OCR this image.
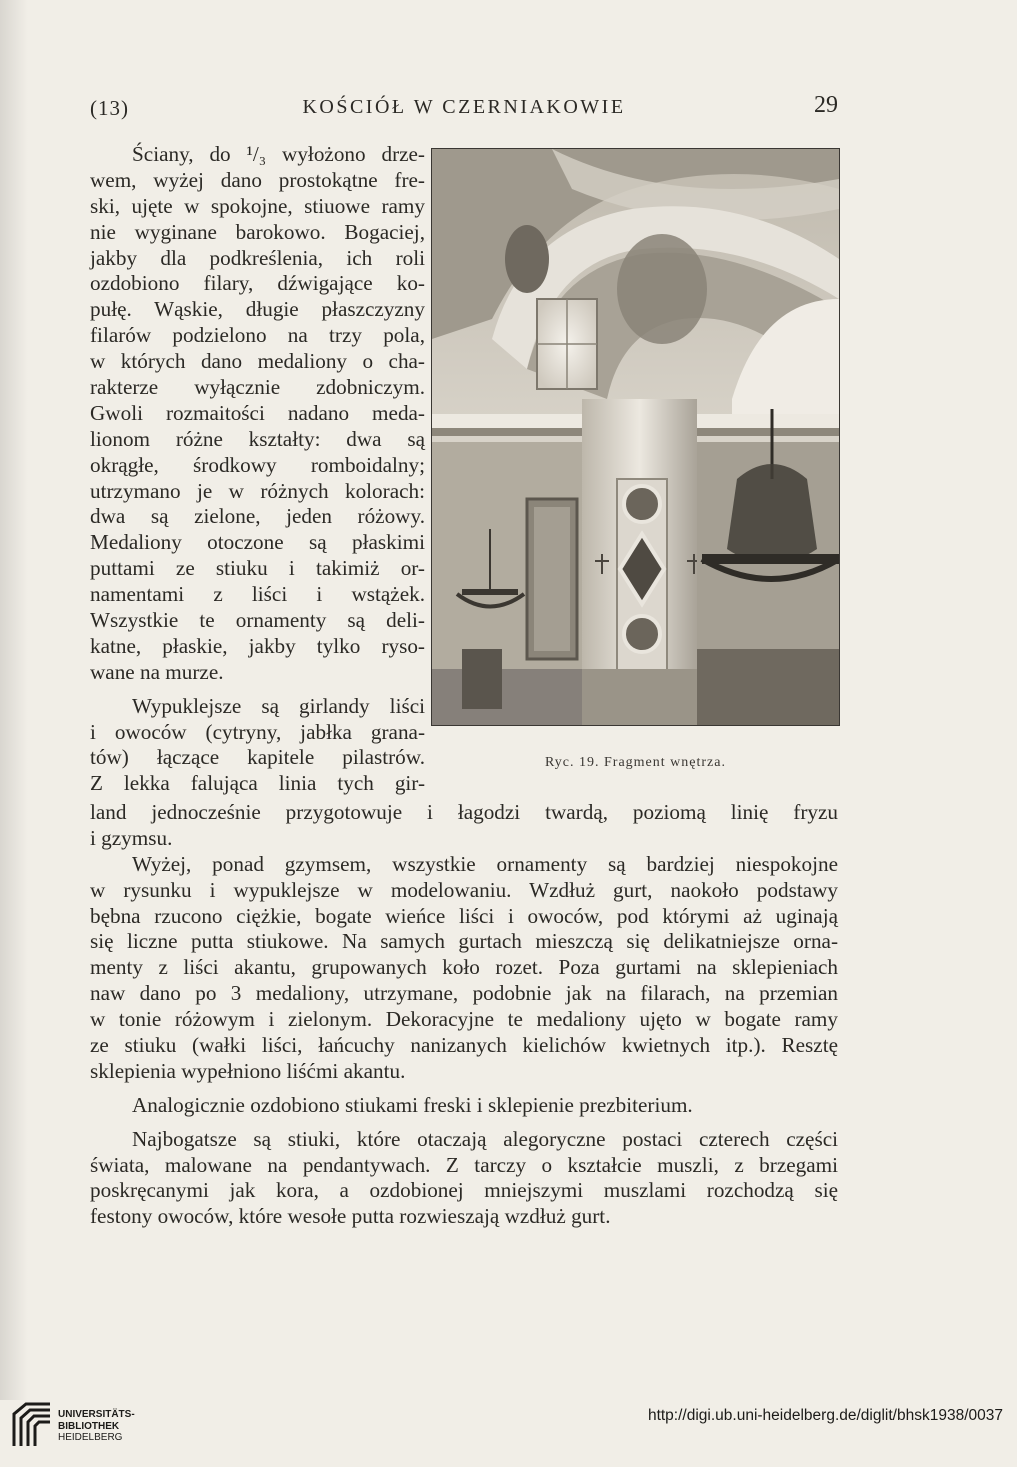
(13)	KOŚCIÓŁ W CZERNIAKOWIE	29
Ściany, do ¹/₃ wyłożono drze-
wem, wyżej dano prostokątne fre-
ski, ujęte w spokojne, stiuowe ramy
nie wyginane barokowo. Bogaciej,
jakby dla podkreślenia, ich roli
ozdobiono filary, dźwigające ko-
pułę. Wąskie, długie płaszczyzny
filarów podzielono na trzy pola,
w których dano medaliony o cha-
rakterze wyłącznie zdobniczym.
Gwoli rozmaitości nadano meda-
lionom różne kształty: dwa są
okrągłe, środkowy romboidalny;
utrzymano je w różnych kolorach:
dwa są zielone, jeden różowy.
Medaliony otoczone są płaskimi
puttami ze stiuku i takimiż or-
namentami z liści i wstążek.
Wszystkie te ornamenty są deli-
katne, płaskie, jakby tylko ryso-
wane na murze.
Wypuklejsze są girlandy liści
i owoców (cytryny, jabłka grana-
tów) łączące kapitele pilastrów.
Z lekka falująca linia tych gir-
Ryc. 19. Fragment wnętrza.
land jednocześnie przygotowuje i łagodzi twardą, poziomą linię fryzu
i gzymsu.
Wyżej, ponad gzymsem, wszystkie ornamenty są bardziej niespokojne
w rysunku i wypuklejsze w modelowaniu. Wzdłuż gurt, naokoło podstawy
bębna rzucono ciężkie, bogate wieńce liści i owoców, pod którymi aż uginają
się liczne putta stiukowe. Na samych gurtach mieszczą się delikatniejsze orna-
menty z liści akantu, grupowanych koło rozet. Poza gurtami na sklepieniach
naw dano po 3 medaliony, utrzymane, podobnie jak na filarach, na przemian
w tonie różowym i zielonym. Dekoracyjne te medaliony ujęto w bogate ramy
ze stiuku (wałki liści, łańcuchy nanizanych kielichów kwietnych itp.). Resztę
sklepienia wypełniono liśćmi akantu.
Analogicznie ozdobiono stiukami freski i sklepienie prezbiterium.
Najbogatsze są stiuki, które otaczają alegoryczne postaci czterech części
świata, malowane na pendantywach. Z tarczy o kształcie muszli, z brzegami
poskręcanymi jak kora, a ozdobionej mniejszymi muszlami rozchodzą się
festony owoców, które wesołe putta rozwieszają wzdłuż gurt.
UNIVERSITÄTS-
BIBLIOTHEK
HEIDELBERG
http://digi.ub.uni-heidelberg.de/diglit/bhsk1938/0037
